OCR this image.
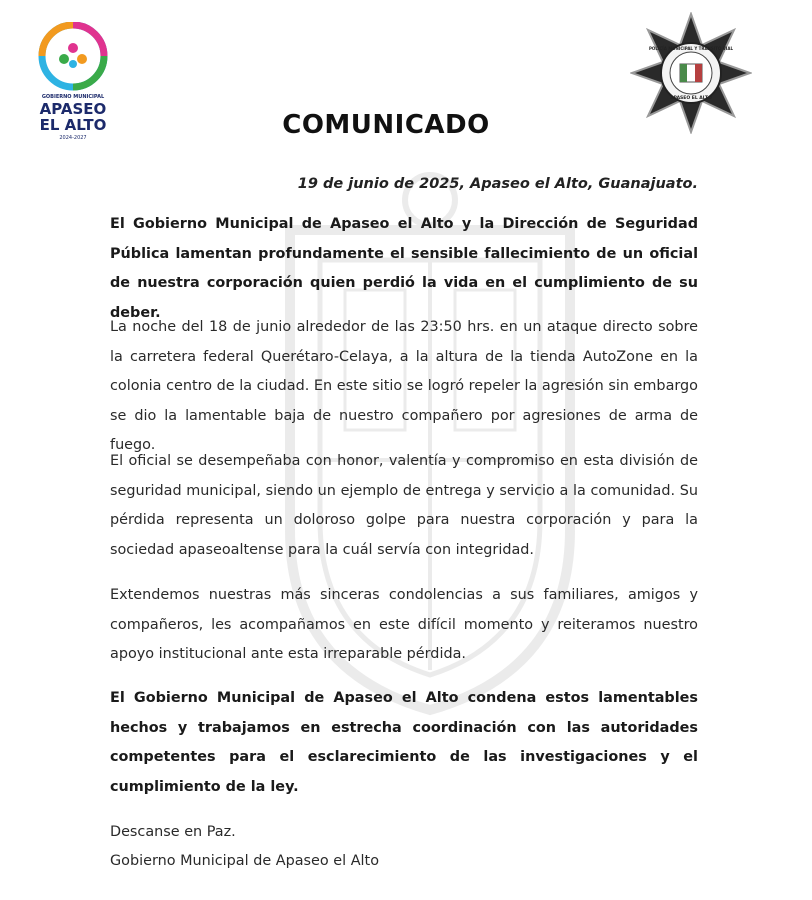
GOBIERNO MUNICIPAL
APASEO
EL ALTO
2024-2027
POLICÍA MUNICIPAL Y TRÁNSITO VIAL
APASEO EL ALTO
COMUNICADO
19 de junio de 2025, Apaseo el Alto, Guanajuato.

El Gobierno Municipal de Apaseo el Alto y la Dirección de Seguridad Pública lamentan profundamente el sensible fallecimiento de un oficial de nuestra corporación quien perdió la vida en el cumplimiento de su deber.

La noche del 18 de junio alrededor de las 23:50 hrs. en un ataque directo sobre la carretera federal Querétaro-Celaya, a la altura de la tienda AutoZone en la colonia centro de la ciudad. En este sitio se logró repeler la agresión sin embargo se dio la lamentable baja de nuestro compañero por agresiones de arma de fuego.

El oficial se desempeñaba con honor, valentía y compromiso en esta división de seguridad municipal, siendo un ejemplo de entrega y servicio a la comunidad. Su pérdida representa un doloroso golpe para nuestra corporación y para la sociedad apaseoaltense para la cuál servía con integridad.

Extendemos nuestras más sinceras condolencias a sus familiares, amigos y compañeros, les acompañamos en este difícil momento y reiteramos nuestro apoyo institucional ante esta irreparable pérdida.

El Gobierno Municipal de Apaseo el Alto condena estos lamentables hechos y trabajamos en estrecha coordinación con las autoridades competentes para el esclarecimiento de las investigaciones y el cumplimiento de la ley.

Descanse en Paz.

Gobierno Municipal de Apaseo el Alto
